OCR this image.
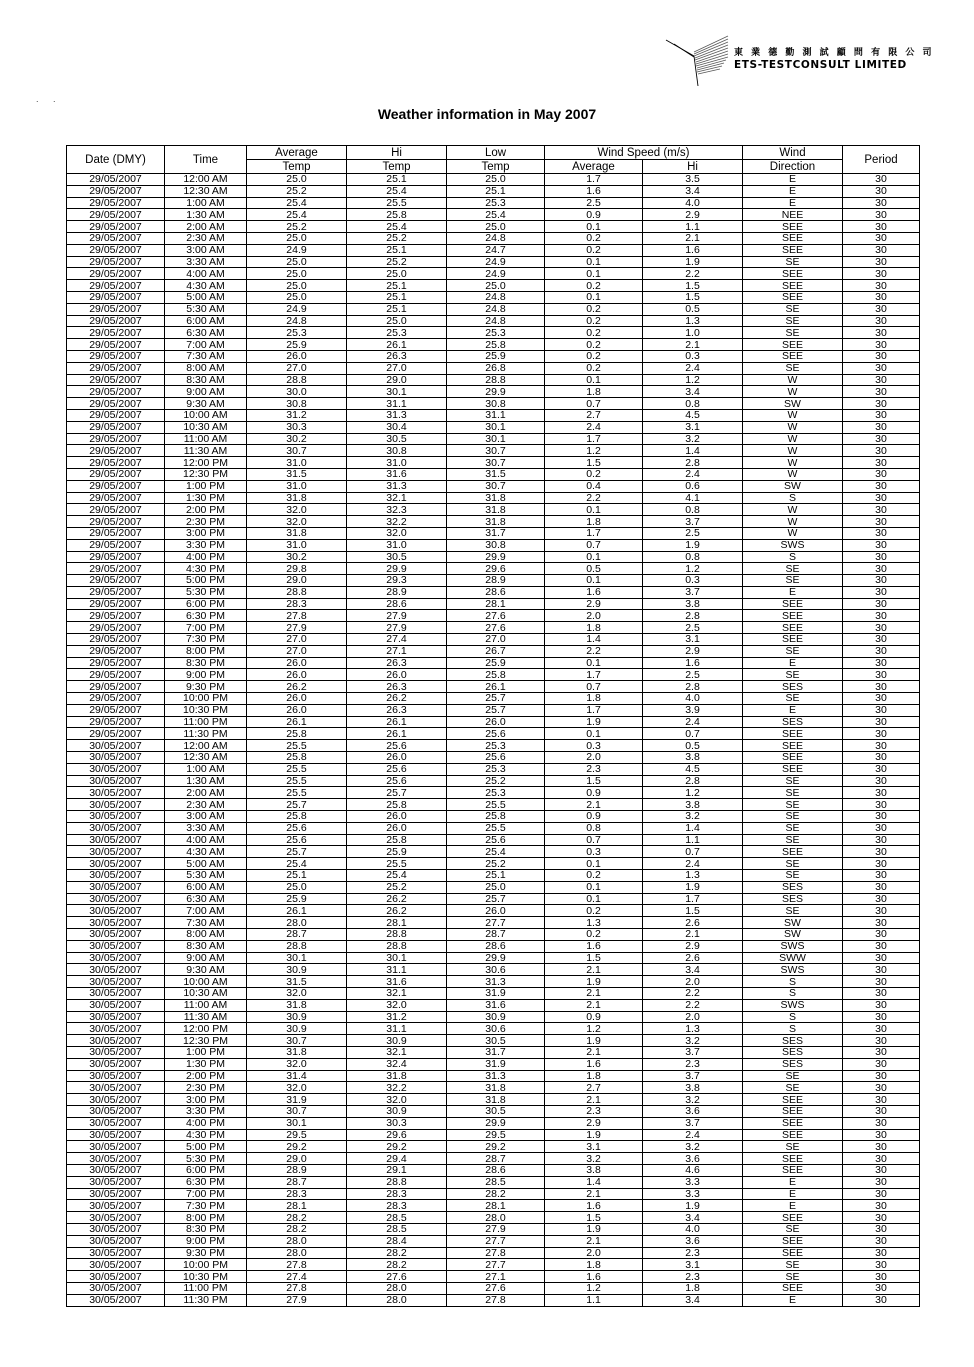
東 業 德 勤 測 試 顧 問 有 限 公 司
ETS-TESTCONSULT LIMITED
. .
Weather information in May 2007
Date (DMY)	Time	Average	Hi	Low	Wind Speed (m/s)		Wind	Period
		Temp	Temp	Temp	Average	Hi	Direction	
29/05/2007	12:00 AM	25.0	25.1	25.0	1.7	3.5	E	30
29/05/2007	12:30 AM	25.2	25.4	25.1	1.6	3.4	E	30
29/05/2007	1:00 AM	25.4	25.5	25.3	2.5	4.0	E	30
29/05/2007	1:30 AM	25.4	25.8	25.4	0.9	2.9	NEE	30
29/05/2007	2:00 AM	25.2	25.4	25.0	0.1	1.1	SEE	30
29/05/2007	2:30 AM	25.0	25.2	24.8	0.2	2.1	SEE	30
29/05/2007	3:00 AM	24.9	25.1	24.7	0.2	1.6	SEE	30
29/05/2007	3:30 AM	25.0	25.2	24.9	0.1	1.9	SE	30
29/05/2007	4:00 AM	25.0	25.0	24.9	0.1	2.2	SEE	30
29/05/2007	4:30 AM	25.0	25.1	25.0	0.2	1.5	SEE	30
29/05/2007	5:00 AM	25.0	25.1	24.8	0.1	1.5	SEE	30
29/05/2007	5:30 AM	24.9	25.1	24.8	0.2	0.5	SE	30
29/05/2007	6:00 AM	24.8	25.0	24.8	0.2	1.3	SE	30
29/05/2007	6:30 AM	25.3	25.3	25.3	0.2	1.0	SE	30
29/05/2007	7:00 AM	25.9	26.1	25.8	0.2	2.1	SEE	30
29/05/2007	7:30 AM	26.0	26.3	25.9	0.2	0.3	SEE	30
29/05/2007	8:00 AM	27.0	27.0	26.8	0.2	2.4	SE	30
29/05/2007	8:30 AM	28.8	29.0	28.8	0.1	1.2	W	30
29/05/2007	9:00 AM	30.0	30.1	29.9	1.8	3.4	W	30
29/05/2007	9:30 AM	30.8	31.1	30.8	0.7	0.8	SW	30
29/05/2007	10:00 AM	31.2	31.3	31.1	2.7	4.5	W	30
29/05/2007	10:30 AM	30.3	30.4	30.1	2.4	3.1	W	30
29/05/2007	11:00 AM	30.2	30.5	30.1	1.7	3.2	W	30
29/05/2007	11:30 AM	30.7	30.8	30.7	1.2	1.4	W	30
29/05/2007	12:00 PM	31.0	31.0	30.7	1.5	2.8	W	30
29/05/2007	12:30 PM	31.5	31.6	31.5	0.2	2.4	W	30
29/05/2007	1:00 PM	31.0	31.3	30.7	0.4	0.6	SW	30
29/05/2007	1:30 PM	31.8	32.1	31.8	2.2	4.1	S	30
29/05/2007	2:00 PM	32.0	32.3	31.8	0.1	0.8	W	30
29/05/2007	2:30 PM	32.0	32.2	31.8	1.8	3.7	W	30
29/05/2007	3:00 PM	31.8	32.0	31.7	1.7	2.5	W	30
29/05/2007	3:30 PM	31.0	31.0	30.8	0.7	1.9	SWS	30
29/05/2007	4:00 PM	30.2	30.5	29.9	0.1	0.8	S	30
29/05/2007	4:30 PM	29.8	29.9	29.6	0.5	1.2	SE	30
29/05/2007	5:00 PM	29.0	29.3	28.9	0.1	0.3	SE	30
29/05/2007	5:30 PM	28.8	28.9	28.6	1.6	3.7	E	30
29/05/2007	6:00 PM	28.3	28.6	28.1	2.9	3.8	SEE	30
29/05/2007	6:30 PM	27.8	27.9	27.6	2.0	2.8	SEE	30
29/05/2007	7:00 PM	27.9	27.9	27.6	1.8	2.5	SEE	30
29/05/2007	7:30 PM	27.0	27.4	27.0	1.4	3.1	SEE	30
29/05/2007	8:00 PM	27.0	27.1	26.7	2.2	2.9	SE	30
29/05/2007	8:30 PM	26.0	26.3	25.9	0.1	1.6	E	30
29/05/2007	9:00 PM	26.0	26.0	25.8	1.7	2.5	SE	30
29/05/2007	9:30 PM	26.2	26.3	26.1	0.7	2.8	SES	30
29/05/2007	10:00 PM	26.0	26.2	25.7	1.8	4.0	SE	30
29/05/2007	10:30 PM	26.0	26.3	25.7	1.7	3.9	E	30
29/05/2007	11:00 PM	26.1	26.1	26.0	1.9	2.4	SES	30
29/05/2007	11:30 PM	25.8	26.1	25.6	0.1	0.7	SEE	30
30/05/2007	12:00 AM	25.5	25.6	25.3	0.3	0.5	SEE	30
30/05/2007	12:30 AM	25.8	26.0	25.6	2.0	3.8	SEE	30
30/05/2007	1:00 AM	25.5	25.6	25.3	2.3	4.5	SEE	30
30/05/2007	1:30 AM	25.5	25.6	25.2	1.5	2.8	SE	30
30/05/2007	2:00 AM	25.5	25.7	25.3	0.9	1.2	SE	30
30/05/2007	2:30 AM	25.7	25.8	25.5	2.1	3.8	SE	30
30/05/2007	3:00 AM	25.8	26.0	25.8	0.9	3.2	SE	30
30/05/2007	3:30 AM	25.6	26.0	25.5	0.8	1.4	SE	30
30/05/2007	4:00 AM	25.6	25.8	25.6	0.7	1.1	SE	30
30/05/2007	4:30 AM	25.7	25.9	25.4	0.3	0.7	SEE	30
30/05/2007	5:00 AM	25.4	25.5	25.2	0.1	2.4	SE	30
30/05/2007	5:30 AM	25.1	25.4	25.1	0.2	1.3	SE	30
30/05/2007	6:00 AM	25.0	25.2	25.0	0.1	1.9	SES	30
30/05/2007	6:30 AM	25.9	26.2	25.7	0.1	1.7	SES	30
30/05/2007	7:00 AM	26.1	26.2	26.0	0.2	1.5	SE	30
30/05/2007	7:30 AM	28.0	28.1	27.7	1.3	2.6	SW	30
30/05/2007	8:00 AM	28.7	28.8	28.7	0.2	2.1	SW	30
30/05/2007	8:30 AM	28.8	28.8	28.6	1.6	2.9	SWS	30
30/05/2007	9:00 AM	30.1	30.1	29.9	1.5	2.6	SWW	30
30/05/2007	9:30 AM	30.9	31.1	30.6	2.1	3.4	SWS	30
30/05/2007	10:00 AM	31.5	31.6	31.3	1.9	2.0	S	30
30/05/2007	10:30 AM	32.0	32.1	31.9	2.1	2.2	S	30
30/05/2007	11:00 AM	31.8	32.0	31.6	2.1	2.2	SWS	30
30/05/2007	11:30 AM	30.9	31.2	30.9	0.9	2.0	S	30
30/05/2007	12:00 PM	30.9	31.1	30.6	1.2	1.3	S	30
30/05/2007	12:30 PM	30.7	30.9	30.5	1.9	3.2	SES	30
30/05/2007	1:00 PM	31.8	32.1	31.7	2.1	3.7	SES	30
30/05/2007	1:30 PM	32.0	32.4	31.9	1.6	2.3	SES	30
30/05/2007	2:00 PM	31.4	31.8	31.3	1.8	3.7	SE	30
30/05/2007	2:30 PM	32.0	32.2	31.8	2.7	3.8	SE	30
30/05/2007	3:00 PM	31.9	32.0	31.8	2.1	3.2	SEE	30
30/05/2007	3:30 PM	30.7	30.9	30.5	2.3	3.6	SEE	30
30/05/2007	4:00 PM	30.1	30.3	29.9	2.9	3.7	SEE	30
30/05/2007	4:30 PM	29.5	29.6	29.5	1.9	2.4	SEE	30
30/05/2007	5:00 PM	29.2	29.2	29.2	3.1	3.2	SE	30
30/05/2007	5:30 PM	29.0	29.4	28.7	3.2	3.6	SEE	30
30/05/2007	6:00 PM	28.9	29.1	28.6	3.8	4.6	SEE	30
30/05/2007	6:30 PM	28.7	28.8	28.5	1.4	3.3	E	30
30/05/2007	7:00 PM	28.3	28.3	28.2	2.1	3.3	E	30
30/05/2007	7:30 PM	28.1	28.3	28.1	1.6	1.9	E	30
30/05/2007	8:00 PM	28.2	28.5	28.0	1.5	3.4	SEE	30
30/05/2007	8:30 PM	28.2	28.5	27.9	1.9	4.0	SE	30
30/05/2007	9:00 PM	28.0	28.4	27.7	2.1	3.6	SEE	30
30/05/2007	9:30 PM	28.0	28.2	27.8	2.0	2.3	SEE	30
30/05/2007	10:00 PM	27.8	28.2	27.7	1.8	3.1	SE	30
30/05/2007	10:30 PM	27.4	27.6	27.1	1.6	2.3	SE	30
30/05/2007	11:00 PM	27.8	28.0	27.6	1.2	1.8	SEE	30
30/05/2007	11:30 PM	27.9	28.0	27.8	1.1	3.4	E	30
